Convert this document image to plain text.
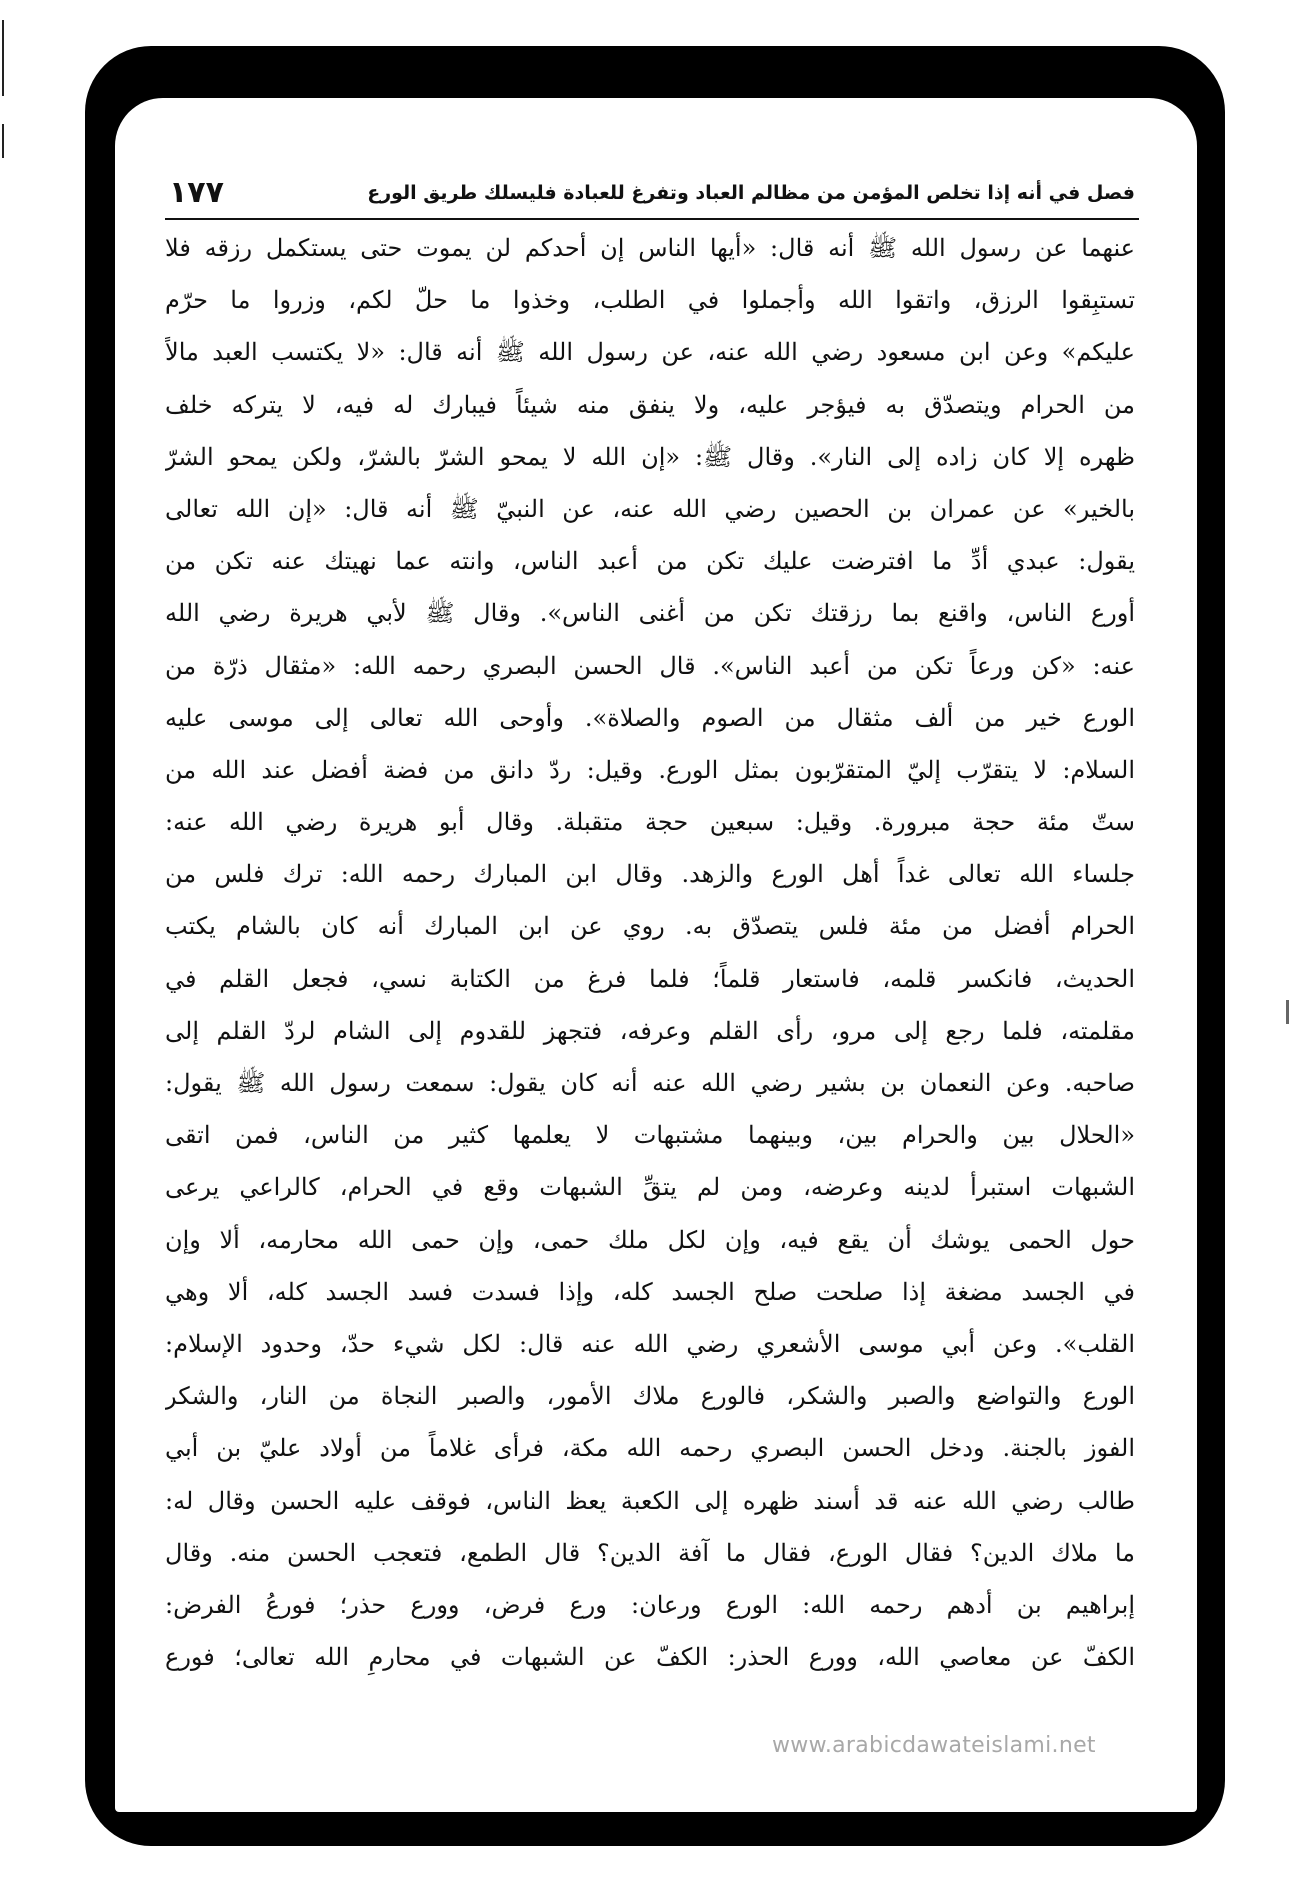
فصل في أنه إذا تخلص المؤمن من مظالم العباد وتفرغ للعبادة فليسلك طريق الورع
١٧٧
عنهما عن رسول الله ﷺ أنه قال: «أيها الناس إن أحدكم لن يموت حتى يستكمل رزقه فلا
تستبِقوا الرزق، واتقوا الله وأجملوا في الطلب، وخذوا ما حلّ لكم، وزروا ما حرّم
عليكم» وعن ابن مسعود رضي الله عنه، عن رسول الله ﷺ أنه قال: «لا يكتسب العبد مالاً
من الحرام ويتصدّق به فيؤجر عليه، ولا ينفق منه شيئاً فيبارك له فيه، لا يتركه خلف
ظهره إلا كان زاده إلى النار». وقال ﷺ: «إن الله لا يمحو الشرّ بالشرّ، ولكن يمحو الشرّ
بالخير» عن عمران بن الحصين رضي الله عنه، عن النبيّ ﷺ أنه قال: «إن الله تعالى
يقول: عبدي أدِّ ما افترضت عليك تكن من أعبد الناس، وانته عما نهيتك عنه تكن من
أورع الناس، واقنع بما رزقتك تكن من أغنى الناس». وقال ﷺ لأبي هريرة رضي الله
عنه: «كن ورعاً تكن من أعبد الناس». قال الحسن البصري رحمه الله: «مثقال ذرّة من
الورع خير من ألف مثقال من الصوم والصلاة». وأوحى الله تعالى إلى موسى عليه
السلام: لا يتقرّب إليّ المتقرّبون بمثل الورع. وقيل: ردّ دانق من فضة أفضل عند الله من
ستّ مئة حجة مبرورة. وقيل: سبعين حجة متقبلة. وقال أبو هريرة رضي الله عنه:
جلساء الله تعالى غداً أهل الورع والزهد. وقال ابن المبارك رحمه الله: ترك فلس من
الحرام أفضل من مئة فلس يتصدّق به. روي عن ابن المبارك أنه كان بالشام يكتب
الحديث، فانكسر قلمه، فاستعار قلماً؛ فلما فرغ من الكتابة نسي، فجعل القلم في
مقلمته، فلما رجع إلى مرو، رأى القلم وعرفه، فتجهز للقدوم إلى الشام لردّ القلم إلى
صاحبه. وعن النعمان بن بشير رضي الله عنه أنه كان يقول: سمعت رسول الله ﷺ يقول:
«الحلال بين والحرام بين، وبينهما مشتبهات لا يعلمها كثير من الناس، فمن اتقى
الشبهات استبرأ لدينه وعرضه، ومن لم يتقِّ الشبهات وقع في الحرام، كالراعي يرعى
حول الحمى يوشك أن يقع فيه، وإن لكل ملك حمى، وإن حمى الله محارمه، ألا وإن
في الجسد مضغة إذا صلحت صلح الجسد كله، وإذا فسدت فسد الجسد كله، ألا وهي
القلب». وعن أبي موسى الأشعري رضي الله عنه قال: لكل شيء حدّ، وحدود الإسلام:
الورع والتواضع والصبر والشكر، فالورع ملاك الأمور، والصبر النجاة من النار، والشكر
الفوز بالجنة. ودخل الحسن البصري رحمه الله مكة، فرأى غلاماً من أولاد عليّ بن أبي
طالب رضي الله عنه قد أسند ظهره إلى الكعبة يعظ الناس، فوقف عليه الحسن وقال له:
ما ملاك الدين؟ فقال الورع، فقال ما آفة الدين؟ قال الطمع، فتعجب الحسن منه. وقال
إبراهيم بن أدهم رحمه الله: الورع ورعان: ورع فرض، وورع حذر؛ فورعُ الفرض:
الكفّ عن معاصي الله، وورع الحذر: الكفّ عن الشبهات في محارمِ الله تعالى؛ فورع
www.arabicdawateislami.net
